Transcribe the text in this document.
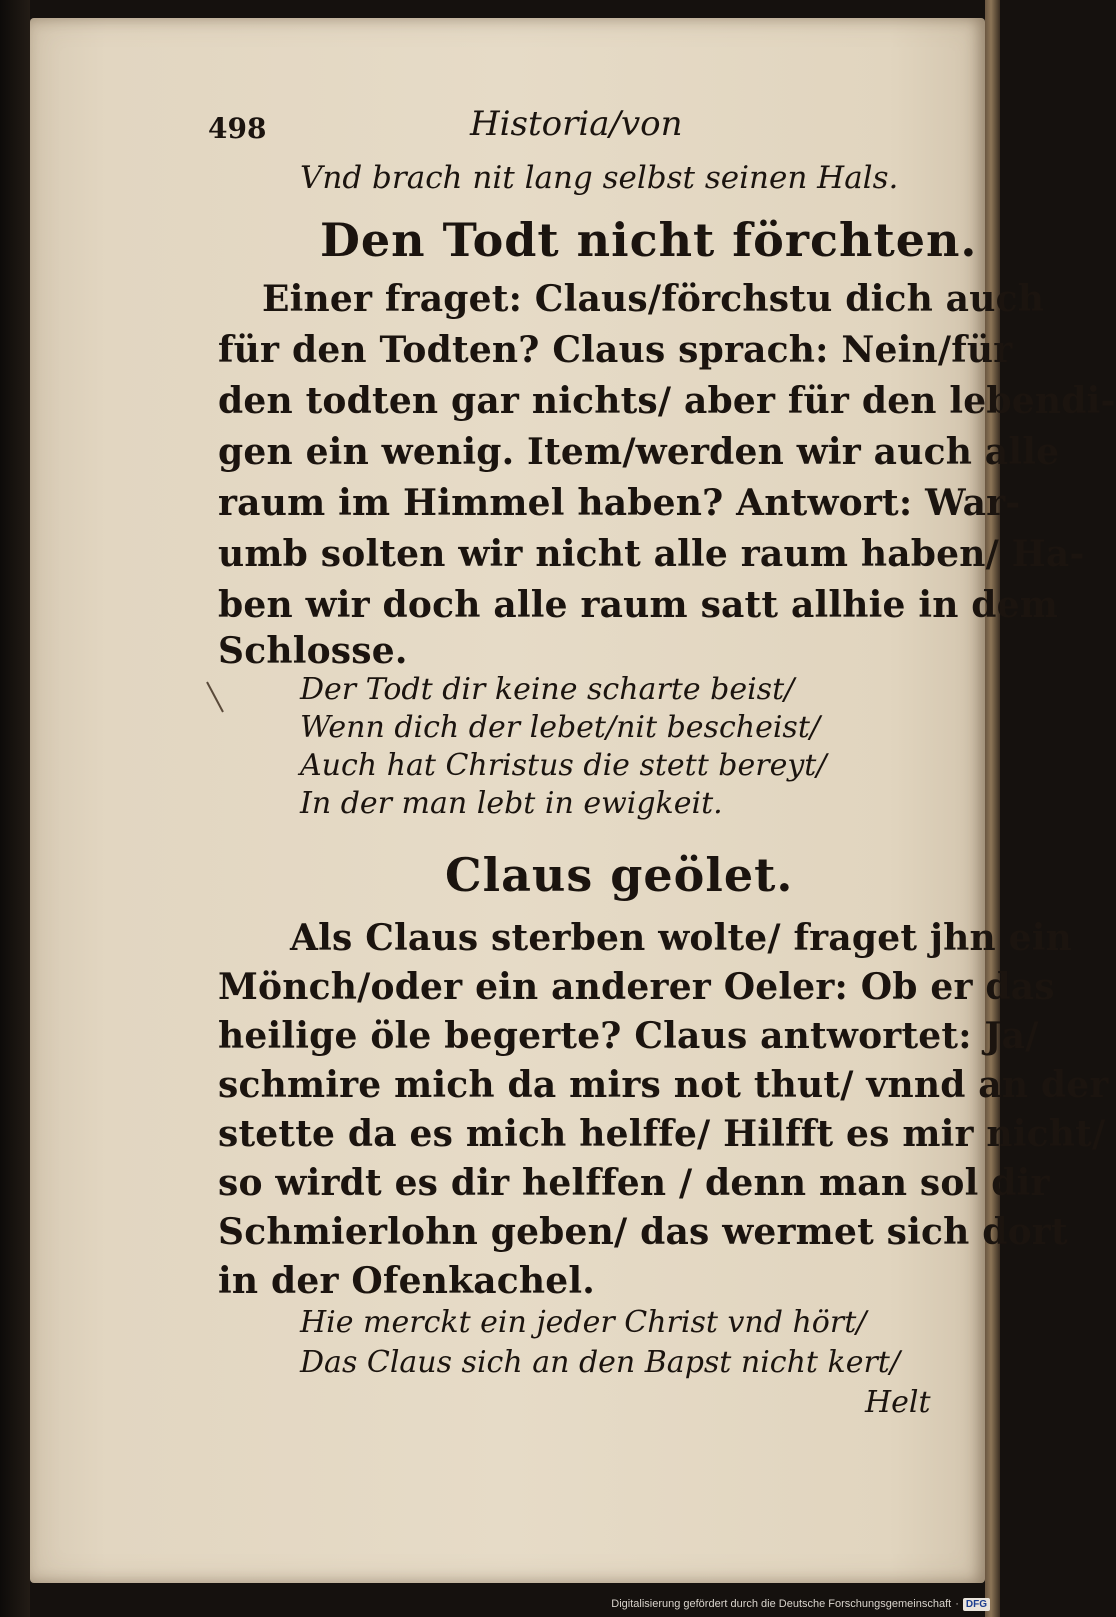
498	Historia/von
Vnd brach nit lang selbst seinen Hals.
Den Todt nicht förchten.
Einer fraget: Claus/förchstu dich auch
für den Todten? Claus sprach: Nein/für
den todten gar nichts/ aber für den lebendi-
gen ein wenig. Item/werden wir auch alle
raum im Himmel haben? Antwort: War-
umb solten wir nicht alle raum haben/ Ha-
ben wir doch alle raum satt allhie in dem
Schlosse.
Der Todt dir keine scharte beist/
Wenn dich der lebet/nit bescheist/
Auch hat Christus die stett bereyt/
In der man lebt in ewigkeit.
Claus geölet.
Als Claus sterben wolte/ fraget jhn ein
Mönch/oder ein anderer Oeler: Ob er das
heilige öle begerte? Claus antwortet: Ja/
schmire mich da mirs not thut/ vnnd an der
stette da es mich helffe/ Hilfft es mir nicht/
so wirdt es dir helffen / denn man sol dir
Schmierlohn geben/ das wermet sich dort
in der Ofenkachel.
Hie merckt ein jeder Christ vnd hört/
Das Claus sich an den Bapst nicht kert/
Helt
Digitalisierung gefördert durch die Deutsche Forschungsgemeinschaft · DFG
